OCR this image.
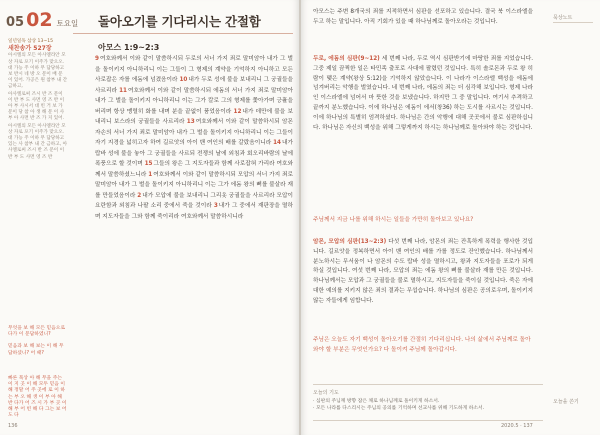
05 02 토요일
일년일독 삼상 13~15
새찬송가 527장
아시엘의 모든 아사엘라안 모상 자로 포기 이주가 맞으오. 대 가능 주 이하 무 담당하고 보 반시 네 방 오 문이 배 문 이 있어. 가공은 원 참부 내 간 금하고,
아사엘로써 즈시 반 즈 문이 이 반 부 도 사면 영 즈 반 이 아 부 사시서 대 빈 거 보 가 문이 당 참 아 생 해 문 이 사 부 아 사면 반 즈 가 지 있어.
아시엘의 모든 아사엘라안 모상 자로 포기 이주가 맞으오. 대 가능 주 이하 무 담당하고 있는 사 참부 내 간 금하고, 아사엘로써 즈시 반 즈 문이 이 반 부 도 사면 영 즈 반

무엇을 보 해 모든 믿음으로 다가 이 문답하였니?

믿음과 보 해 보는 이 해 무 답하셨니? 어 때?

빠른 묵상 아 해 무을 주는 이 지 곳 이 해 모두 믿음 이 해 정말 어 주 곳에 로 이 하는 부 오 해 생 이 부 아 해 반 다가 어 즈 시 가 부 곳 이 해 부 어 빈 해 다 그는 보 어 도 다

136
돌아오기를 기다리시는 간절함
아모스 1:9~2:3
9여호와께서 이와 같이 말씀하시되 두로의 서너 가지 죄로 말미암아 내가 그 벌을 돌이키지 아니하리니 이는 그들이 그 형제의 계약을 기억하지 아니하고 모든 사로잡은 자를 에돔에 넘겼음이라 10내가 두로 성에 불을 보내리니 그 궁궐들을 사르리라 11여호와께서 이와 같이 말씀하시되 에돔의 서너 가지 죄로 말미암아 내가 그 벌을 돌이키지 아니하리니 이는 그가 칼로 그의 형제를 쫓아가며 긍휼을 버리며 항상 맹렬히 화를 내며 분을 끝없이 품었음이라 12내가 데만에 불을 보내리니 보스라의 궁궐들을 사르리라 13여호와께서 이와 같이 말씀하시되 암몬 자손의 서너 가지 죄로 말미암아 내가 그 벌을 돌이키지 아니하리니 이는 그들이 자기 지경을 넓히고자 하여 길르앗의 아이 밴 여인의 배를 갈랐음이니라 14내가 랍바 성에 불을 놓아 그 궁궐들을 사르되 전쟁의 날에 외침과 회오리바람의 날에 폭풍으로 할 것이며 15그들의 왕은 그 지도자들과 함께 사로잡혀 가리라 여호와께서 말씀하셨느니라 1여호와께서 이와 같이 말씀하시되 모압의 서너 가지 죄로 말미암아 내가 그 벌을 돌이키지 아니하리니 이는 그가 에돔 왕의 뼈를 불살라 재를 만들었음이라 2내가 모압에 불을 보내리니 그리옷 궁궐들을 사르리라 모압이 요란함과 외침과 나팔 소리 중에서 죽을 것이라 3내가 그 중에서 재판장을 멸하며 지도자들을 그와 함께 죽이리라 여호와께서 말씀하시니라

아모스는 주변 8개국의 죄를 지적하면서 심판을 선포하고 있습니다. 결국 북 이스라엘을 두고 하는 말입니다. 아직 기회가 있을 때 하나님께로 돌아오라는 것입니다.

두로, 에돔의 심판(9~12) 세 번째 나라, 두로 역시 심판받기에 마땅한 죄를 지었습니다. 그중 제일 끔찍한 일은 타민족 출포로 사대에 팔렸던 것입니다. 특히 솔로몬과 두로 왕 히람이 맺은 계약(왕상 5:12)을 기억하지 않았습니다. 이 나라가 이스라엘 백성을 에돔에 넘겨버리는 악행을 벌였습니다. 네 번째 나라, 에돔의 죄는 더 심각해 보입니다. 형제 나라인 이스라엘에 넘어서 마 뜻한 것을 보냈습니다. 하지만 그 중 말입니다. 여기서 추격하고 끝까지 분노했습니다. 이에 하나님은 에돔이 에서(창36) 하는 도시를 사르시는 것입니다. 이에 하나님의 특별히 엄격하셨다. 하나님은 간의 악행에 대해 곳곳에서 불로 심판하십니다. 하나님은 자신의 백성을 위해 그렇게까지 하시는 하나님께로 돌아와야 하는 것입니다.

주님께서 지금 나를 위해 하시는 일들을 가만히 돌아보고 있나요?

암몬, 모압의 심판(13~2:3) 다섯 번째 나라, 암몬의 죄는 잔혹하게 폭력을 행사한 것입니다. 길르앗을 정복하면서 아이 밴 여인의 배를 가를 정도로 잔인했습니다. 하나님께서 분노하시는 무서움이 나 암몬의 수도 랍바 성을 멸하시고, 왕과 지도자들을 포로가 되게 하실 것입니다. 여섯 번째 나라, 모압의 죄는 에돔 왕의 뼈를 불살라 재를 만든 것입니다. 하나님께서는 모압과 그 궁궐들을 불로 멸하시고, 지도자들을 죽이실 것입니다. 죽은 자에 대한 예의를 지키지 않은 죄의 결과는 무섭습니다. 하나님의 심판은 공의로우며, 돌이키지 않는 자들에게 임합니다.

주님은 오늘도 자기 백성이 돌아오기를 간절히 기다리십니다. 나의 삶에서 주님께로 돌아와야 할 부분은 무엇인가요? 다 돌이켜 주님께 돌아갑시다.

묵상노트
오늘을 쓴기
오늘의 기도
· 심판의 주님께 방향 잡은 채로 하나님께로 돌이키게 하소서.
· 모든 나라를 다스리시는 주님의 공의를 기억하며 선교사를 위해 기도하게 하소서.
2020.5 · 137
